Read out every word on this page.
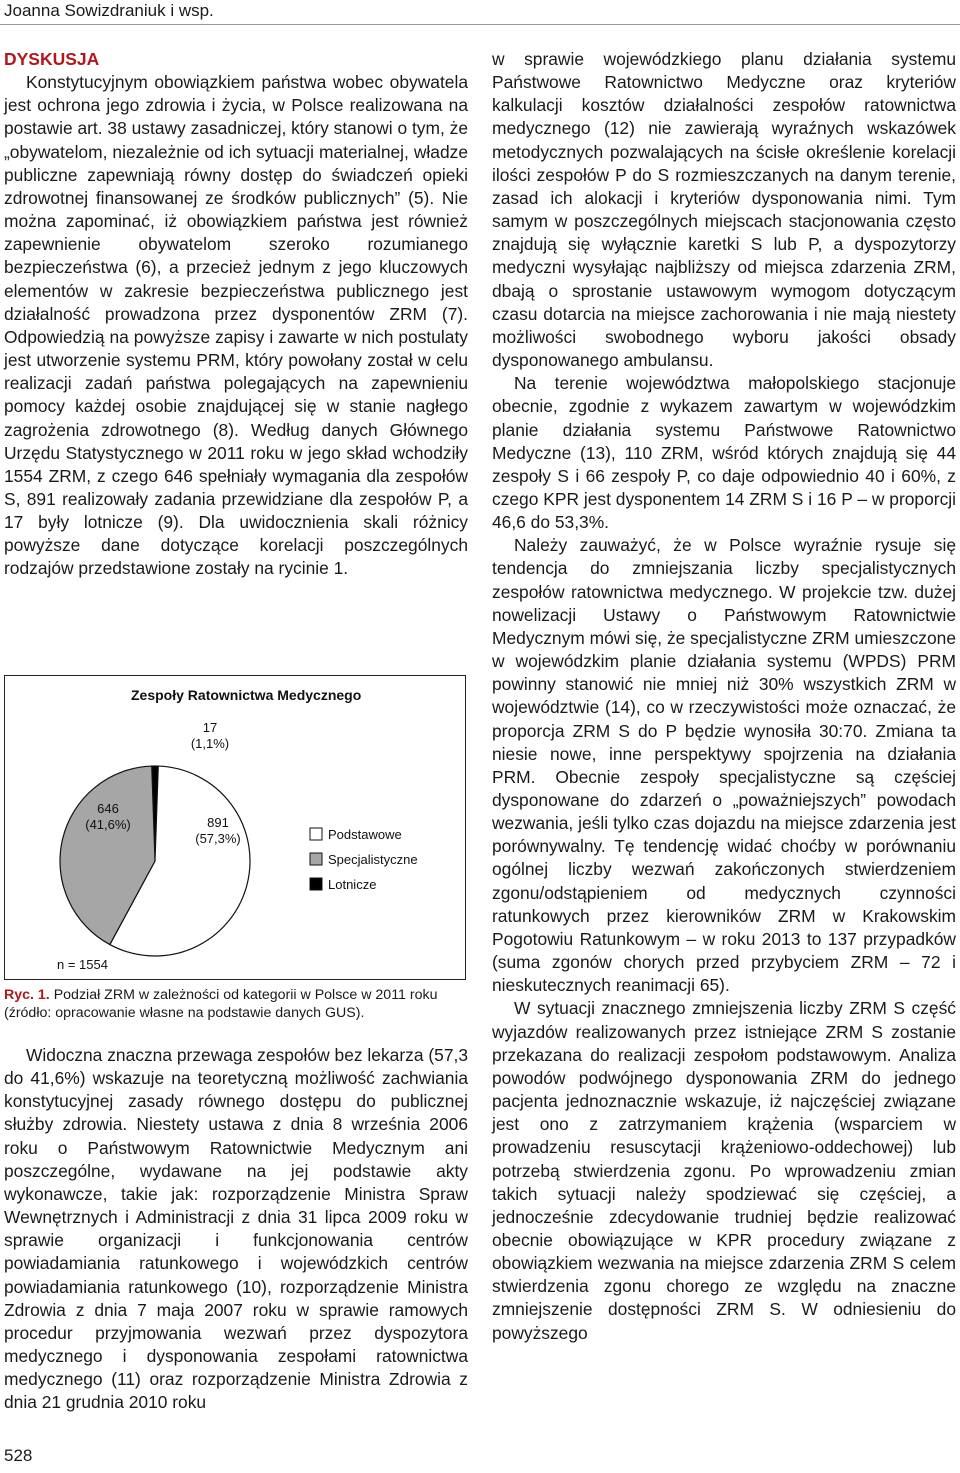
Joanna Sowizdraniuk i wsp.
DYSKUSJA

Konstytucyjnym obowiązkiem państwa wobec obywatela jest ochrona jego zdrowia i życia, w Polsce realizowana na postawie art. 38 ustawy zasadniczej, który stanowi o tym, że „obywatelom, niezależnie od ich sytuacji materialnej, władze publiczne zapewniają równy dostęp do świadczeń opieki zdrowotnej finansowanej ze środków publicznych” (5). Nie można zapominać, iż obowiązkiem państwa jest również zapewnienie obywatelom szeroko rozumianego bezpieczeństwa (6), a przecież jednym z jego kluczowych elementów w zakresie bezpieczeństwa publicznego jest działalność prowadzona przez dysponentów ZRM (7). Odpowiedzią na powyższe zapisy i zawarte w nich postulaty jest utworzenie systemu PRM, który powołany został w celu realizacji zadań państwa polegających na zapewnieniu pomocy każdej osobie znajdującej się w stanie nagłego zagrożenia zdrowotnego (8). Według danych Głównego Urzędu Statystycznego w 2011 roku w jego skład wchodziły 1554 ZRM, z czego 646 spełniały wymagania dla zespołów S, 891 realizowały zadania przewidziane dla zespołów P, a 17 były lotnicze (9). Dla uwidocznienia skali różnicy powyższe dane dotyczące korelacji poszczególnych rodzajów przedstawione zostały na rycinie 1.

Zespoły Ratownictwa Medycznego
17
(1,1%)
891
(57,3%)
646
(41,6%)
Podstawowe
Specjalistyczne
Lotnicze
n = 1554
Ryc. 1. Podział ZRM w zależności od kategorii w Polsce w 2011 roku (źródło: opracowanie własne na podstawie danych GUS).

Widoczna znaczna przewaga zespołów bez lekarza (57,3 do 41,6%) wskazuje na teoretyczną możliwość zachwiania konstytucyjnej zasady równego dostępu do publicznej służby zdrowia. Niestety ustawa z dnia 8 września 2006 roku o Państwowym Ratownictwie Medycznym ani poszczególne, wydawane na jej podstawie akty wykonawcze, takie jak: rozporządzenie Ministra Spraw Wewnętrznych i Administracji z dnia 31 lipca 2009 roku w sprawie organizacji i funkcjonowania centrów powiadamiania ratunkowego i wojewódzkich centrów powiadamiania ratunkowego (10), rozporządzenie Ministra Zdrowia z dnia 7 maja 2007 roku w sprawie ramowych procedur przyjmowania wezwań przez dyspozytora medycznego i dysponowania zespołami ratownictwa medycznego (11) oraz rozporządzenie Ministra Zdrowia z dnia 21 grudnia 2010 roku

w sprawie wojewódzkiego planu działania systemu Państwowe Ratownictwo Medyczne oraz kryteriów kalkulacji kosztów działalności zespołów ratownictwa medycznego (12) nie zawierają wyraźnych wskazówek metodycznych pozwalających na ścisłe określenie korelacji ilości zespołów P do S rozmieszczanych na danym terenie, zasad ich alokacji i kryteriów dysponowania nimi. Tym samym w poszczególnych miejscach stacjonowania często znajdują się wyłącznie karetki S lub P, a dyspozytorzy medyczni wysyłając najbliższy od miejsca zdarzenia ZRM, dbają o sprostanie ustawowym wymogom dotyczącym czasu dotarcia na miejsce zachorowania i nie mają niestety możliwości swobodnego wyboru jakości obsady dysponowanego ambulansu.

Na terenie województwa małopolskiego stacjonuje obecnie, zgodnie z wykazem zawartym w wojewódzkim planie działania systemu Państwowe Ratownictwo Medyczne (13), 110 ZRM, wśród których znajdują się 44 zespoły S i 66 zespoły P, co daje odpowiednio 40 i 60%, z czego KPR jest dysponentem 14 ZRM S i 16 P – w proporcji 46,6 do 53,3%.

Należy zauważyć, że w Polsce wyraźnie rysuje się tendencja do zmniejszania liczby specjalistycznych zespołów ratownictwa medycznego. W projekcie tzw. dużej nowelizacji Ustawy o Państwowym Ratownictwie Medycznym mówi się, że specjalistyczne ZRM umieszczone w wojewódzkim planie działania systemu (WPDS) PRM powinny stanowić nie mniej niż 30% wszystkich ZRM w województwie (14), co w rzeczywistości może oznaczać, że proporcja ZRM S do P będzie wynosiła 30:70. Zmiana ta niesie nowe, inne perspektywy spojrzenia na działania PRM. Obecnie zespoły specjalistyczne są częściej dysponowane do zdarzeń o „poważniejszych” powodach wezwania, jeśli tylko czas dojazdu na miejsce zdarzenia jest porównywalny. Tę tendencję widać choćby w porównaniu ogólnej liczby wezwań zakończonych stwierdzeniem zgonu/odstąpieniem od medycznych czynności ratunkowych przez kierowników ZRM w Krakowskim Pogotowiu Ratunkowym – w roku 2013 to 137 przypadków (suma zgonów chorych przed przybyciem ZRM – 72 i nieskutecznych reanimacji 65).

W sytuacji znacznego zmniejszenia liczby ZRM S część wyjazdów realizowanych przez istniejące ZRM S zostanie przekazana do realizacji zespołom podstawowym. Analiza powodów podwójnego dysponowania ZRM do jednego pacjenta jednoznacznie wskazuje, iż najczęściej związane jest ono z zatrzymaniem krążenia (wsparciem w prowadzeniu resuscytacji krążeniowo-oddechowej) lub potrzebą stwierdzenia zgonu. Po wprowadzeniu zmian takich sytuacji należy spodziewać się częściej, a jednocześnie zdecydowanie trudniej będzie realizować obecnie obowiązujące w KPR procedury związane z obowiązkiem wezwania na miejsce zdarzenia ZRM S celem stwierdzenia zgonu chorego ze względu na znaczne zmniejszenie dostępności ZRM S. W odniesieniu do powyższego

528
